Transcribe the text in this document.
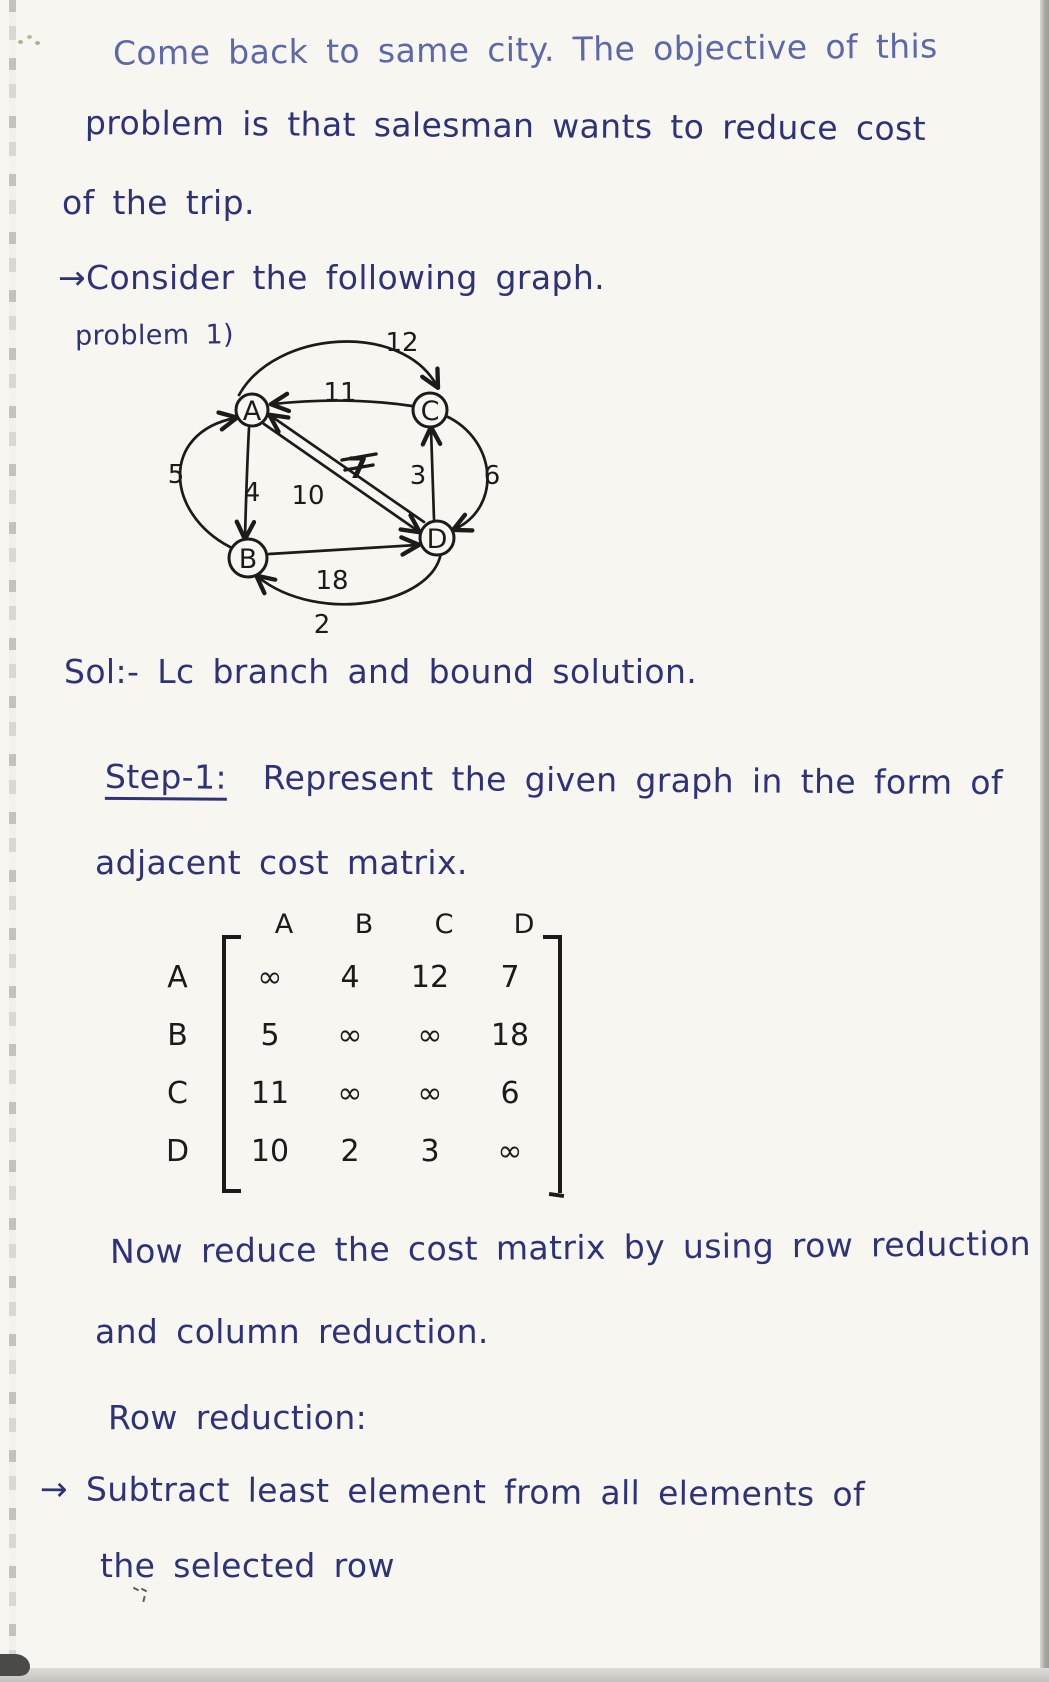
Come back to same city. The objective of this
problem is that salesman wants to reduce cost
of the trip.
→Consider the following graph.
problem 1)
A
B
C
D
12
11
5
4
7
10
3 6
18
2
Sol:- Lc branch and bound solution.
Step-1: Represent the given graph in the form of
adjacent cost matrix.
A	B	C	D
A	∞	4	12	7
B	5	∞	∞	18
C	11	∞	∞	6
D	10	2	3	∞
Now reduce the cost matrix by using row reduction
and column reduction.
Row reduction:
→ Subtract least element from all elements of
the selected row
